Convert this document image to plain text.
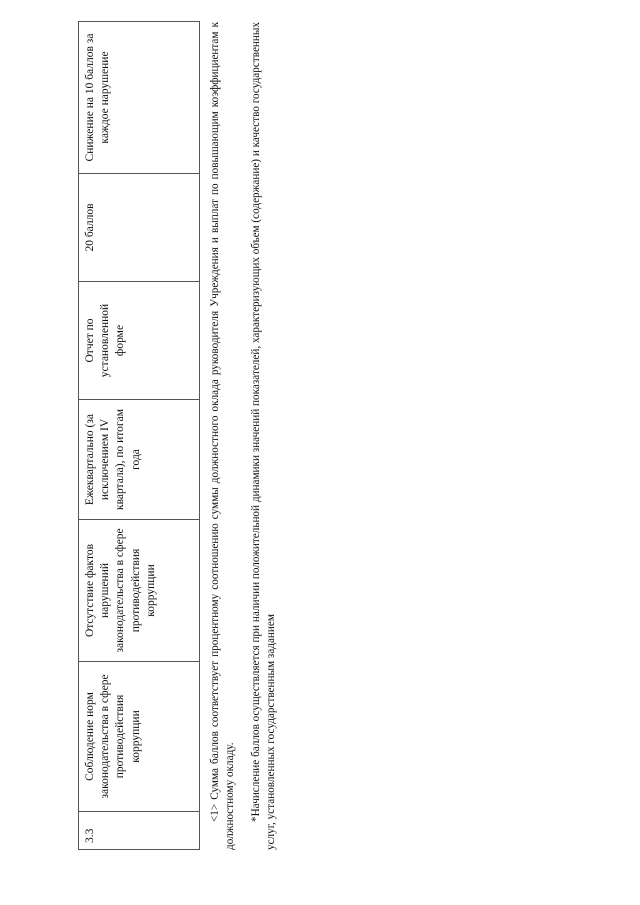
3.3	Соблюдение норм законодательства в сфере противодействия коррупции	Отсутствие фактов нарушений законодательства в сфере противодействия коррупции	Ежеквартально (за исключением IV квартала), по итогам года	Отчет по установленной форме	20 баллов	Снижение на 10 баллов за каждое нарушение	<1> Сумма баллов соответствует процентному соотношению суммы должностного оклада руководителя Учреждения и выплат по повышающим коэффициентам к должностному окладу. *Начисление баллов осуществляется при наличии положительной динамики значений показателей, характеризующих объем (содержание) и качество государственных услуг, установленных государственным заданием
